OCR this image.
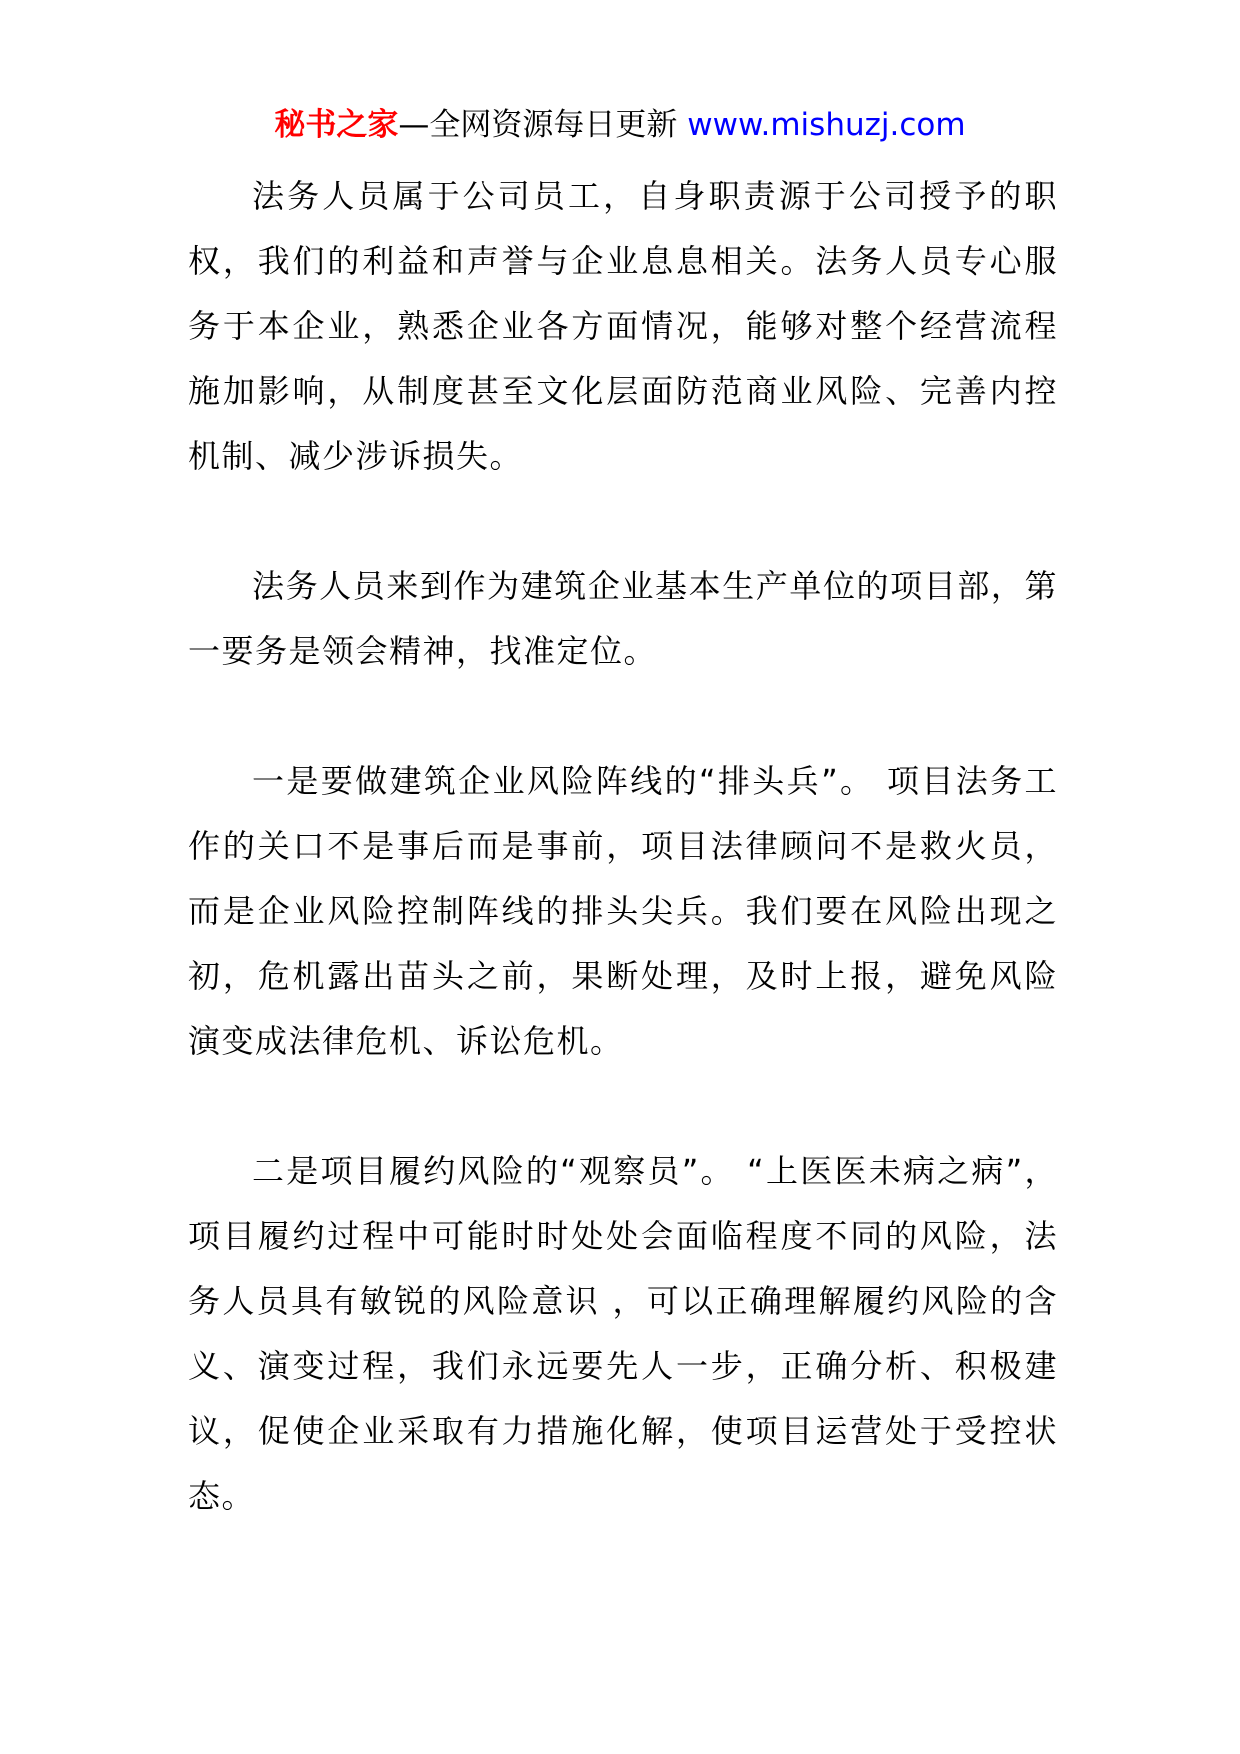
秘书之家—全网资源每日更新 www.mishuzj.com

法务人员属于公司员工，自身职责源于公司授予的职权，我们的利益和声誉与企业息息相关。法务人员专心服务于本企业，熟悉企业各方面情况，能够对整个经营流程施加影响，从制度甚至文化层面防范商业风险、完善内控机制、减少涉诉损失。

法务人员来到作为建筑企业基本生产单位的项目部，第一要务是领会精神，找准定位。

一是要做建筑企业风险阵线的“排头兵”。 项目法务工作的关口不是事后而是事前，项目法律顾问不是救火员，而是企业风险控制阵线的排头尖兵。我们要在风险出现之初，危机露出苗头之前，果断处理，及时上报，避免风险演变成法律危机、诉讼危机。

二是项目履约风险的“观察员”。 “上医医未病之病”，项目履约过程中可能时时处处会面临程度不同的风险，法务人员具有敏锐的风险意识 ，可以正确理解履约风险的含义、演变过程，我们永远要先人一步，正确分析、积极建议，促使企业采取有力措施化解，使项目运营处于受控状态。
